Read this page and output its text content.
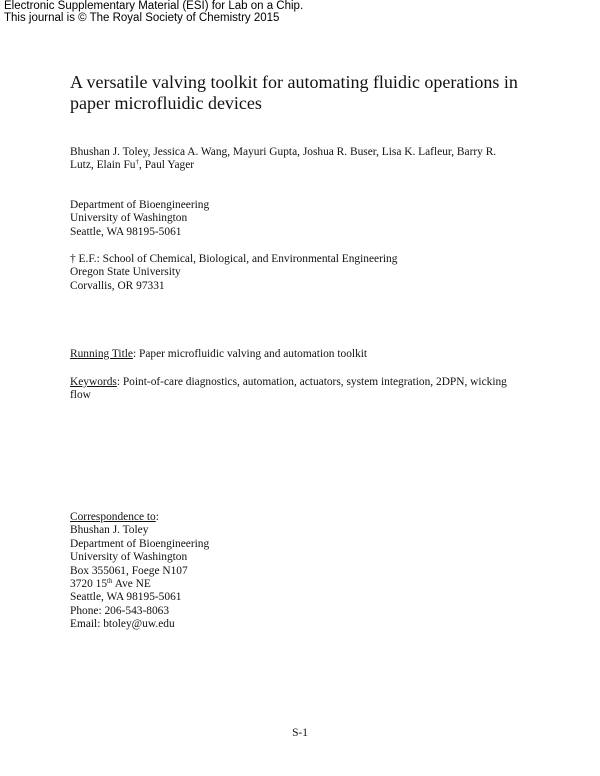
Electronic Supplementary Material (ESI) for Lab on a Chip.
This journal is © The Royal Society of Chemistry 2015
A versatile valving toolkit for automating fluidic operations in
paper microfluidic devices
Bhushan J. Toley, Jessica A. Wang, Mayuri Gupta, Joshua R. Buser, Lisa K. Lafleur, Barry R.
Lutz, Elain Fu†, Paul Yager
Department of Bioengineering
University of Washington
Seattle, WA 98195-5061
† E.F.: School of Chemical, Biological, and Environmental Engineering
Oregon State University
Corvallis, OR 97331
Running Title: Paper microfluidic valving and automation toolkit
Keywords: Point-of-care diagnostics, automation, actuators, system integration, 2DPN, wicking
flow
Correspondence to:
Bhushan J. Toley
Department of Bioengineering
University of Washington
Box 355061, Foege N107
3720 15th Ave NE
Seattle, WA 98195-5061
Phone: 206-543-8063
Email: btoley@uw.edu
S-1
